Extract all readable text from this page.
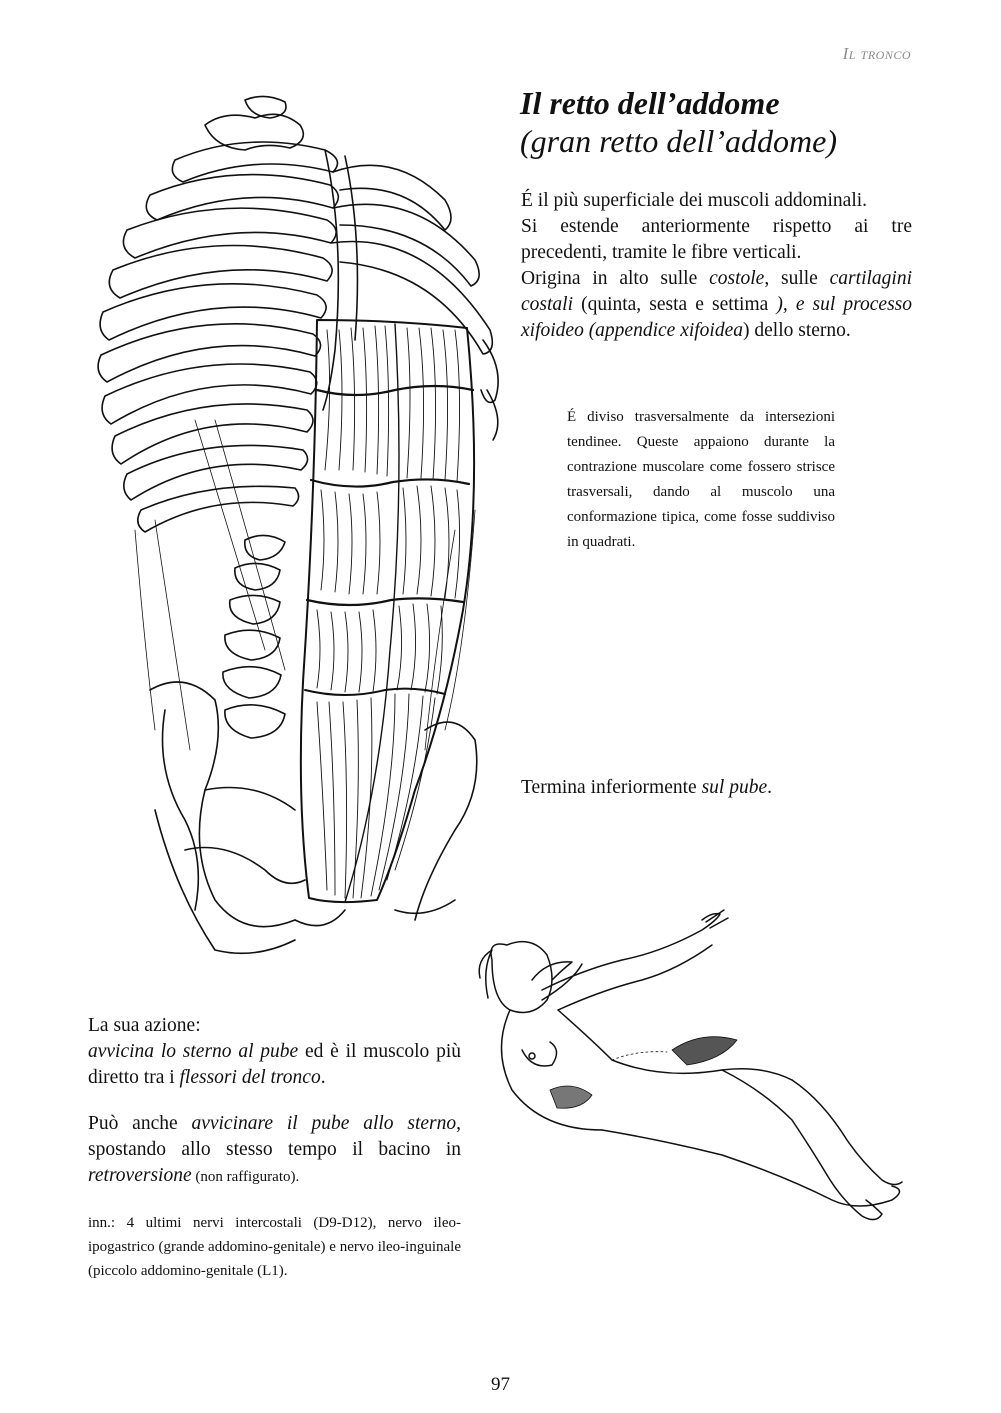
Il tronco
Il retto dell’addome
(gran retto dell’addome)

É il più superficiale dei muscoli addominali.

Si estende anteriormente rispetto ai tre precedenti, tramite le fibre verticali.

Origina in alto sulle costole, sulle cartilagini costali (quinta, sesta e settima ), e sul processo xifoideo (appendice xifoidea) dello sterno.

É diviso trasversalmente da intersezioni tendinee. Queste appaiono durante la contrazione muscolare come fossero strisce trasversali, dando al muscolo una conformazione tipica, come fosse suddiviso in quadrati.
Termina inferiormente sul pube.

La sua azione:
avvicina lo sterno al pube ed è il muscolo più diretto tra i flessori del tronco.

Può anche avvicinare il pube allo sterno, spostando allo stesso tempo il bacino in retroversione (non raffigurato).

inn.: 4 ultimi nervi intercostali (D9-D12), nervo ileo-ipogastrico (grande addomino-genitale) e nervo ileo-inguinale (piccolo addomino-genitale (L1).
97
